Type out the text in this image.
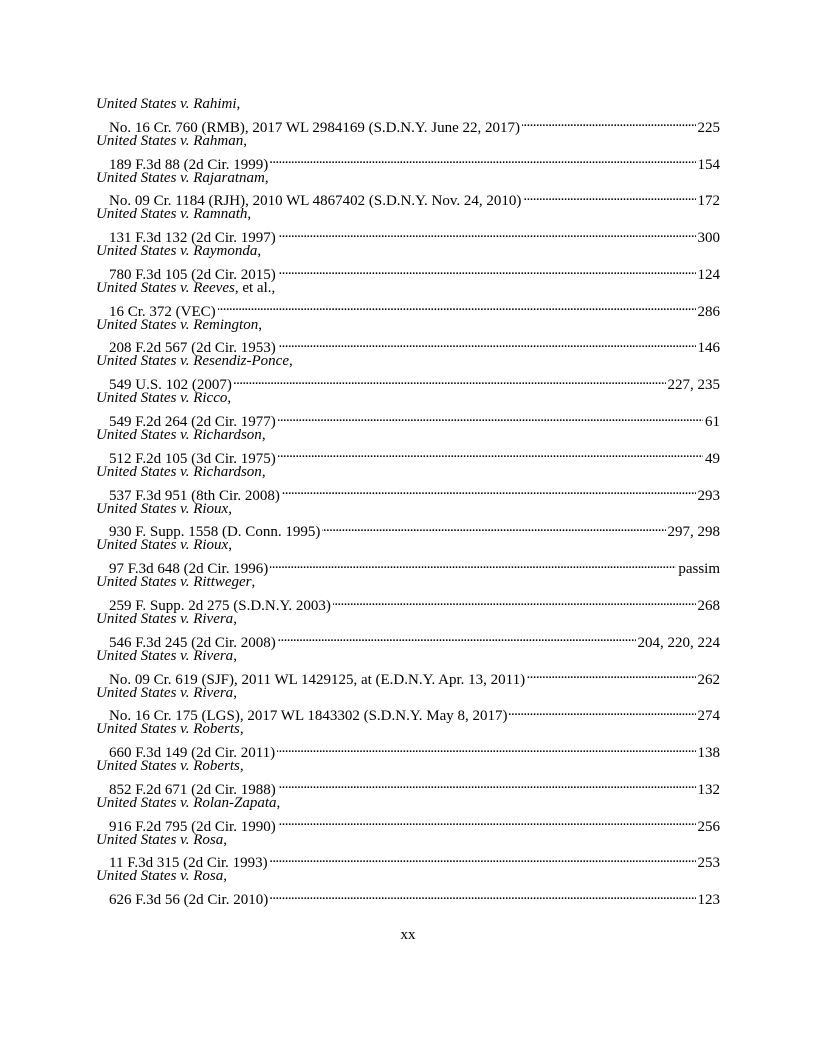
United States v. Rahimi,
No. 16 Cr. 760 (RMB), 2017 WL 2984169 (S.D.N.Y. June 22, 2017) . . .	225
United States v. Rahman,
189 F.3d 88 (2d Cir. 1999) . . .	154
United States v. Rajaratnam,
No. 09 Cr. 1184 (RJH), 2010 WL 4867402 (S.D.N.Y. Nov. 24, 2010) . . .	172
United States v. Ramnath,
131 F.3d 132 (2d Cir. 1997) . . .	300
United States v. Raymonda,
780 F.3d 105 (2d Cir. 2015) . . .	124
United States v. Reeves, et al.,
16 Cr. 372 (VEC) . . .	286
United States v. Remington,
208 F.2d 567 (2d Cir. 1953) . . .	146
United States v. Resendiz-Ponce,
549 U.S. 102 (2007) . . .	227, 235
United States v. Ricco,
549 F.2d 264 (2d Cir. 1977) . . .	61
United States v. Richardson,
512 F.2d 105 (3d Cir. 1975) . . .	49
United States v. Richardson,
537 F.3d 951 (8th Cir. 2008) . . .	293
United States v. Rioux,
930 F. Supp. 1558 (D. Conn. 1995) . . .	297, 298
United States v. Rioux,
97 F.3d 648 (2d Cir. 1996) . . .	passim
United States v. Rittweger,
259 F. Supp. 2d 275 (S.D.N.Y. 2003) . . .	268
United States v. Rivera,
546 F.3d 245 (2d Cir. 2008) . . .	204, 220, 224
United States v. Rivera,
No. 09 Cr. 619 (SJF), 2011 WL 1429125, at (E.D.N.Y. Apr. 13, 2011) . . .	262
United States v. Rivera,
No. 16 Cr. 175 (LGS), 2017 WL 1843302 (S.D.N.Y. May 8, 2017) . . .	274
United States v. Roberts,
660 F.3d 149 (2d Cir. 2011) . . .	138
United States v. Roberts,
852 F.2d 671 (2d Cir. 1988) . . .	132
United States v. Rolan-Zapata,
916 F.2d 795 (2d Cir. 1990) . . .	256
United States v. Rosa,
11 F.3d 315 (2d Cir. 1993) . . .	253
United States v. Rosa,
626 F.3d 56 (2d Cir. 2010) . . .	123
xx
